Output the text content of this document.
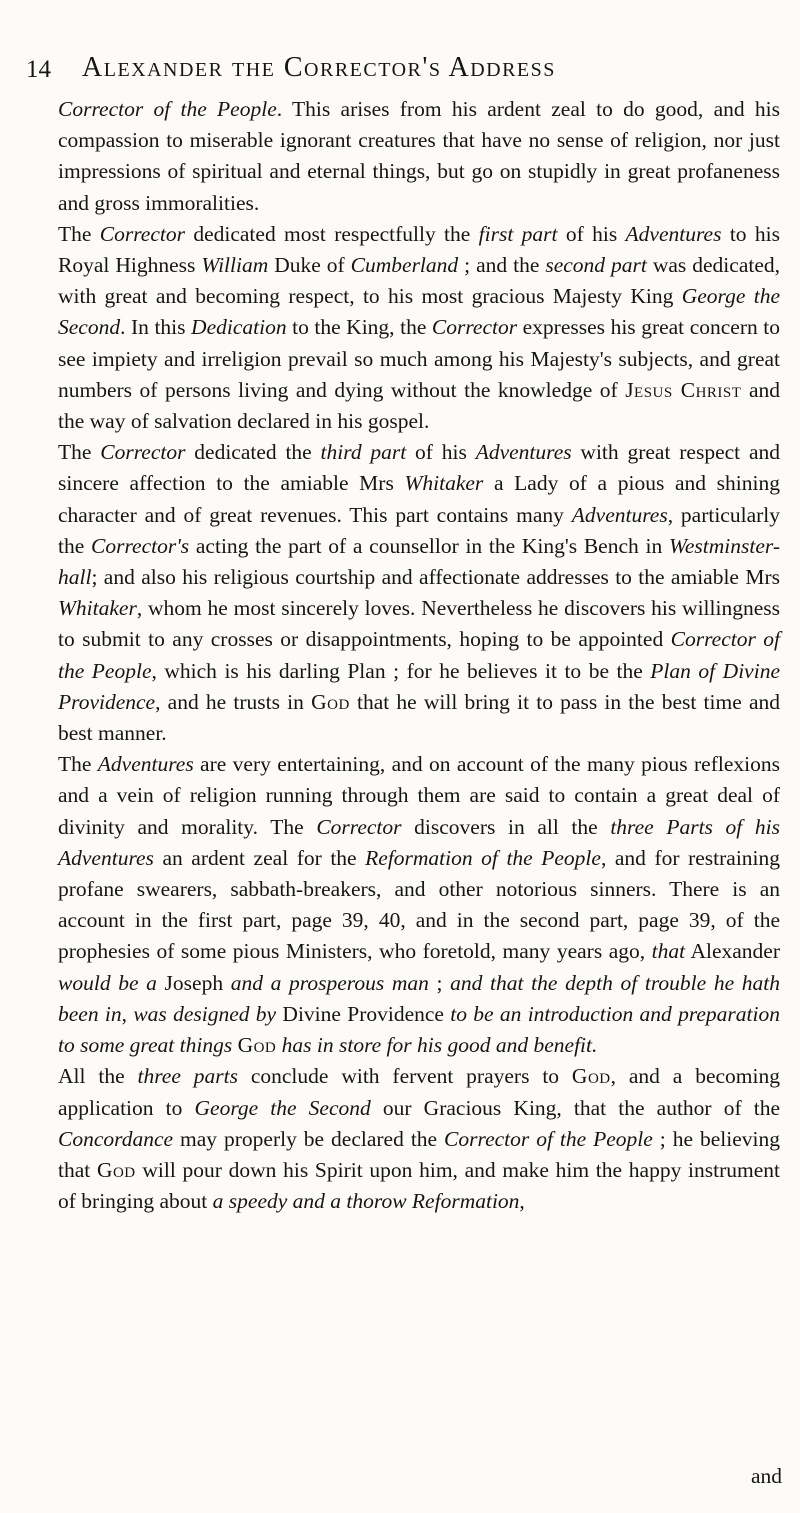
14 Alexander the Corrector's Address

Corrector of the People. This arises from his ardent zeal to do good, and his compassion to miserable ignorant creatures that have no sense of religion, nor just impressions of spiritual and eternal things, but go on stupidly in great profaneness and gross immoralities.

The Corrector dedicated most respectfully the first part of his Adventures to his Royal Highness William Duke of Cumberland ; and the second part was dedicated, with great and becoming respect, to his most gracious Majesty King George the Second. In this Dedication to the King, the Corrector expresses his great concern to see impiety and irreligion prevail so much among his Majesty's subjects, and great numbers of persons living and dying without the knowledge of Jesus Christ and the way of salvation declared in his gospel.

The Corrector dedicated the third part of his Adventures with great respect and sincere affection to the amiable Mrs Whitaker a Lady of a pious and shining character and of great revenues. This part contains many Adventures, particularly the Corrector's acting the part of a counsellor in the King's Bench in Westminster-hall; and also his religious courtship and affectionate addresses to the amiable Mrs Whitaker, whom he most sincerely loves. Nevertheless he discovers his willingness to submit to any crosses or disappointments, hoping to be appointed Corrector of the People, which is his darling Plan ; for he believes it to be the Plan of Divine Providence, and he trusts in God that he will bring it to pass in the best time and best manner.

The Adventures are very entertaining, and on account of the many pious reflexions and a vein of religion running through them are said to contain a great deal of divinity and morality. The Corrector discovers in all the three Parts of his Adventures an ardent zeal for the Reformation of the People, and for restraining profane swearers, sabbath-breakers, and other notorious sinners. There is an account in the first part, page 39, 40, and in the second part, page 39, of the prophesies of some pious Ministers, who foretold, many years ago, that Alexander would be a Joseph and a prosperous man ; and that the depth of trouble he hath been in, was designed by Divine Providence to be an introduction and preparation to some great things God has in store for his good and benefit.

All the three parts conclude with fervent prayers to God, and a becoming application to George the Second our Gracious King, that the author of the Concordance may properly be declared the Corrector of the People ; he believing that God will pour down his Spirit upon him, and make him the happy instrument of bringing about a speedy and a thorow Reformation,

and
